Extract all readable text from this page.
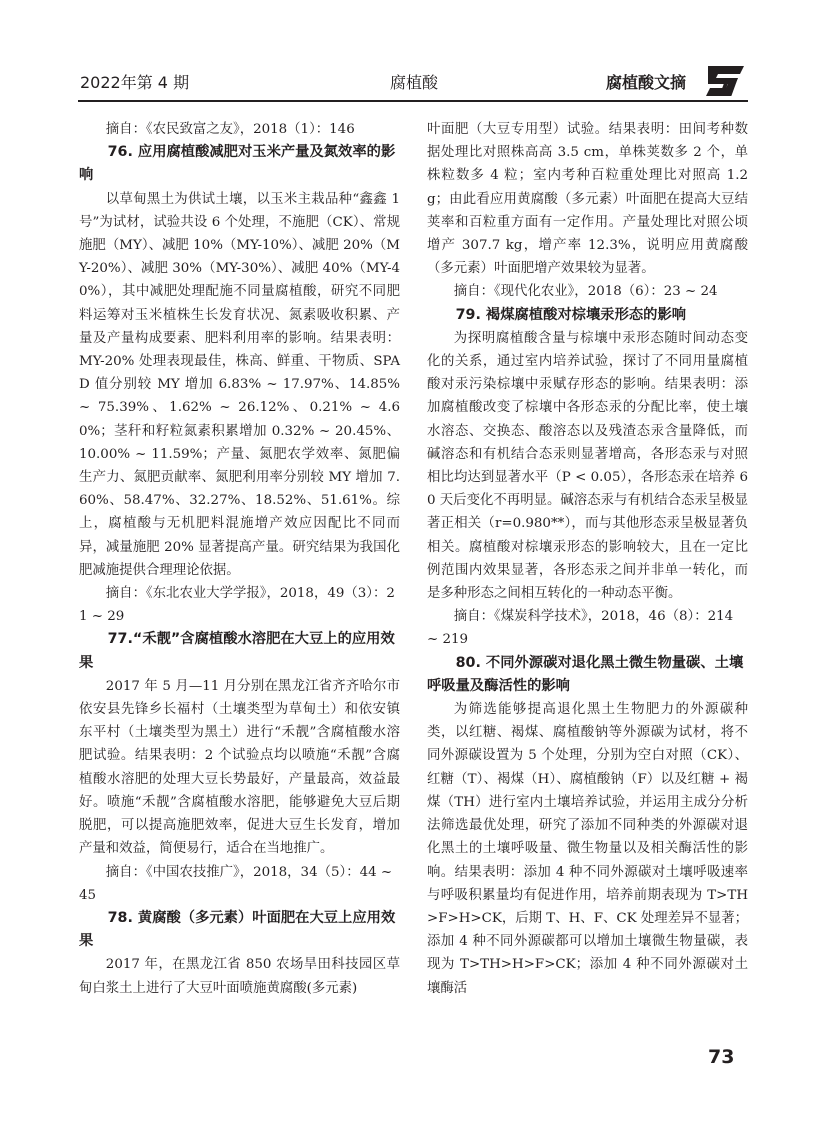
2022年第 4 期	腐植酸	腐植酸文摘
摘自：《农民致富之友》，2018（1）：146
76. 应用腐植酸减肥对玉米产量及氮效率的影响
以草甸黑土为供试土壤，以玉米主栽品种“鑫鑫 1 号”为试材，试验共设 6 个处理，不施肥（CK）、常规施肥（MY）、减肥 10%（MY-10%）、减肥 20%（MY-20%）、减肥 30%（MY-30%）、减肥 40%（MY-40%），其中减肥处理配施不同量腐植酸，研究不同肥料运筹对玉米植株生长发育状况、氮素吸收积累、产量及产量构成要素、肥料利用率的影响。结果表明：MY-20% 处理表现最佳，株高、鲜重、干物质、SPAD 值分别较 MY 增加 6.83% ~ 17.97%、14.85% ~ 75.39%、1.62% ~ 26.12%、0.21% ~ 4.60%；茎秆和籽粒氮素积累增加 0.32% ~ 20.45%、10.00% ~ 11.59%；产量、氮肥农学效率、氮肥偏生产力、氮肥贡献率、氮肥利用率分别较 MY 增加 7.60%、58.47%、32.27%、18.52%、51.61%。综上，腐植酸与无机肥料混施增产效应因配比不同而异，减量施肥 20% 显著提高产量。研究结果为我国化肥减施提供合理理论依据。
摘自：《东北农业大学学报》，2018，49（3）：21 ~ 29
77.“禾靓”含腐植酸水溶肥在大豆上的应用效果
2017 年 5 月—11 月分别在黑龙江省齐齐哈尔市依安县先锋乡长福村（土壤类型为草甸土）和依安镇东平村（土壤类型为黑土）进行“禾靓”含腐植酸水溶肥试验。结果表明：2 个试验点均以喷施“禾靓”含腐植酸水溶肥的处理大豆长势最好，产量最高，效益最好。喷施“禾靓”含腐植酸水溶肥，能够避免大豆后期脱肥，可以提高施肥效率，促进大豆生长发育，增加产量和效益，简便易行，适合在当地推广。
摘自：《中国农技推广》，2018，34（5）：44 ~ 45
78. 黄腐酸（多元素）叶面肥在大豆上应用效果
2017 年，在黑龙江省 850 农场旱田科技园区草甸白浆土上进行了大豆叶面喷施黄腐酸(多元素)
叶面肥（大豆专用型）试验。结果表明：田间考种数据处理比对照株高高 3.5 cm，单株荚数多 2 个，单株粒数多 4 粒；室内考种百粒重处理比对照高 1.2 g；由此看应用黄腐酸（多元素）叶面肥在提高大豆结荚率和百粒重方面有一定作用。产量处理比对照公顷增产 307.7 kg，增产率 12.3%，说明应用黄腐酸（多元素）叶面肥增产效果较为显著。
摘自：《现代化农业》，2018（6）：23 ~ 24
79. 褐煤腐植酸对棕壤汞形态的影响
为探明腐植酸含量与棕壤中汞形态随时间动态变化的关系，通过室内培养试验，探讨了不同用量腐植酸对汞污染棕壤中汞赋存形态的影响。结果表明：添加腐植酸改变了棕壤中各形态汞的分配比率，使土壤水溶态、交换态、酸溶态以及残渣态汞含量降低，而碱溶态和有机结合态汞则显著增高，各形态汞与对照相比均达到显著水平（P < 0.05），各形态汞在培养 60 天后变化不再明显。碱溶态汞与有机结合态汞呈极显著正相关（r=0.980**），而与其他形态汞呈极显著负相关。腐植酸对棕壤汞形态的影响较大，且在一定比例范围内效果显著，各形态汞之间并非单一转化，而是多种形态之间相互转化的一种动态平衡。
摘自：《煤炭科学技术》，2018，46（8）：214 ~ 219
80. 不同外源碳对退化黑土微生物量碳、土壤呼吸量及酶活性的影响
为筛选能够提高退化黑土生物肥力的外源碳种类，以红糖、褐煤、腐植酸钠等外源碳为试材，将不同外源碳设置为 5 个处理，分别为空白对照（CK）、红糖（T）、褐煤（H）、腐植酸钠（F）以及红糖 + 褐煤（TH）进行室内土壤培养试验，并运用主成分分析法筛选最优处理，研究了添加不同种类的外源碳对退化黑土的土壤呼吸量、微生物量以及相关酶活性的影响。结果表明：添加 4 种不同外源碳对土壤呼吸速率与呼吸积累量均有促进作用，培养前期表现为 T>TH>F>H>CK，后期 T、H、F、CK 处理差异不显著；添加 4 种不同外源碳都可以增加土壤微生物量碳，表现为 T>TH>H>F>CK；添加 4 种不同外源碳对土壤酶活
73
